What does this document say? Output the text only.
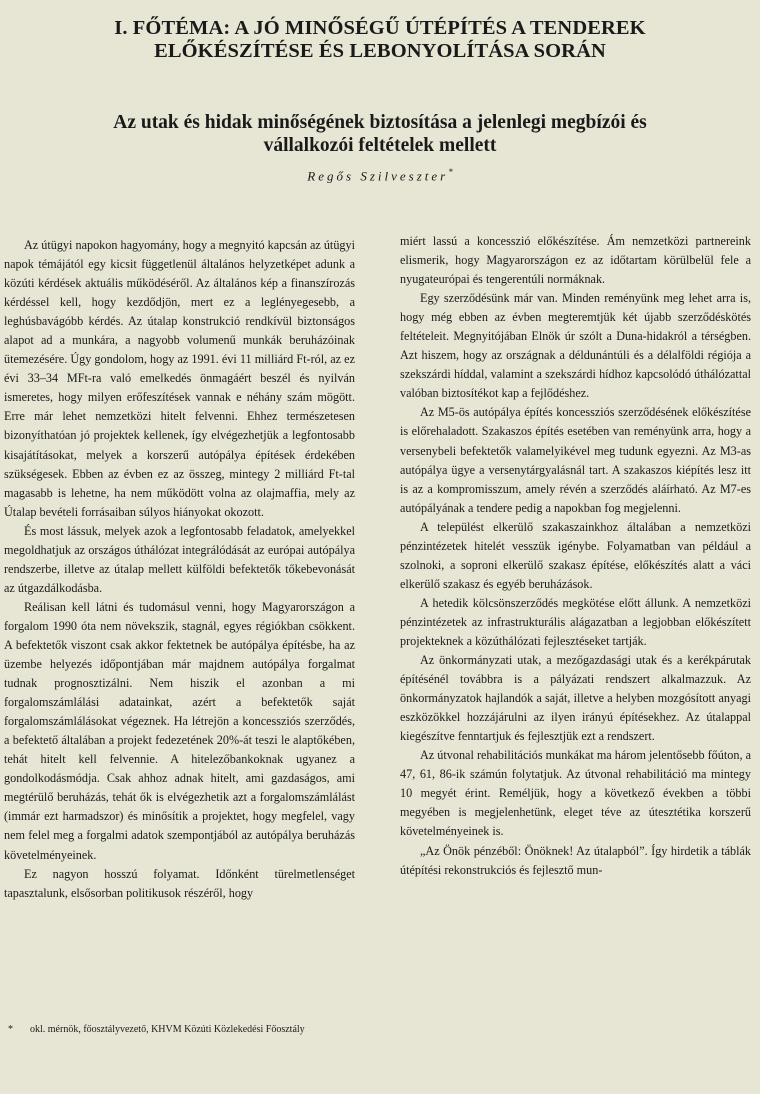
I. FŐTÉMA: A JÓ MINŐSÉGŰ ÚTÉPÍTÉS A TENDEREK
ELŐKÉSZÍTÉSE ÉS LEBONYOLÍTÁSA SORÁN
Az utak és hidak minőségének biztosítása a jelenlegi megbízói és
vállalkozói feltételek mellett
Regős Szilveszter*

Az útügyi napokon hagyomány, hogy a megnyitó kapcsán az útügyi napok témájától egy kicsit függetlenül általános helyzetképet adunk a közúti kérdések aktuális működéséről. Az általános kép a finanszírozás kérdéssel kell, hogy kezdődjön, mert ez a leglényegesebb, a leghúsbavágóbb kérdés. Az útalap konstrukció rendkívül biztonságos alapot ad a munkára, a nagyobb volumenű munkák beruházóinak ütemezésére. Úgy gondolom, hogy az 1991. évi 11 milliárd Ft-ról, az ez évi 33–34 MFt-ra való emelkedés önmagáért beszél és nyilván ismeretes, hogy milyen erőfeszítések vannak e néhány szám mögött. Erre már lehet nemzetközi hitelt felvenni. Ehhez természetesen bizonyíthatóan jó projektek kellenek, így elvégezhetjük a legfontosabb kisajátításokat, melyek a korszerű autópálya építések érdekében szükségesek. Ebben az évben ez az összeg, mintegy 2 milliárd Ft-tal magasabb is lehetne, ha nem működött volna az olajmaffia, mely az Útalap bevételi forrásaiban súlyos hiányokat okozott.

És most lássuk, melyek azok a legfontosabb feladatok, amelyekkel megoldhatjuk az országos úthálózat integrálódását az európai autópálya rendszerbe, illetve az útalap mellett külföldi befektetők tőkebevonását az útgazdálkodásba.

Reálisan kell látni és tudomásul venni, hogy Magyarországon a forgalom 1990 óta nem növekszik, stagnál, egyes régiókban csökkent. A befektetők viszont csak akkor fektetnek be autópálya építésbe, ha az üzembe helyezés időpontjában már majdnem autópálya forgalmat tudnak prognosztizálni. Nem hiszik el azonban a mi forgalomszámlálási adatainkat, azért a befektetők saját forgalomszámlálásokat végeznek. Ha létrejön a koncessziós szerződés, a befektető általában a projekt fedezetének 20%-át teszi le alaptőkében, tehát hitelt kell felvennie. A hitelezőbankoknak ugyanez a gondolkodásmódja. Csak ahhoz adnak hitelt, ami gazdaságos, ami megtérülő beruházás, tehát ők is elvégezhetik azt a forgalomszámlálást (immár ezt harmadszor) és minősítik a projektet, hogy megfelel, vagy nem felel meg a forgalmi adatok szempontjából az autópálya beruházás követelményeinek.

Ez nagyon hosszú folyamat. Időnként türelmetlenséget tapasztalunk, elsősorban politikusok részéről, hogy

miért lassú a koncesszió előkészítése. Ám nemzetközi partnereink elismerik, hogy Magyarországon ez az időtartam körülbelül fele a nyugateurópai és tengerentúli normáknak.

Egy szerződésünk már van. Minden reményünk meg lehet arra is, hogy még ebben az évben megteremtjük két újabb szerződéskötés feltételeit. Megnyitójában Elnök úr szólt a Duna-hidakról a térségben. Azt hiszem, hogy az országnak a déldunántúli és a délalföldi régiója a szekszárdi híddal, valamint a szekszárdi hídhoz kapcsolódó úthálózattal valóban biztosítékot kap a fejlődéshez.

Az M5-ös autópálya építés koncessziós szerződésének előkészítése is előrehaladott. Szakaszos építés esetében van reményünk arra, hogy a versenybeli befektetők valamelyikével meg tudunk egyezni. Az M3-as autópálya ügye a versenytárgyalásnál tart. A szakaszos kiépítés lesz itt is az a kompromisszum, amely révén a szerződés aláírható. Az M7-es autópályának a tendere pedig a napokban fog megjelenni.

A települést elkerülő szakaszainkhoz általában a nemzetközi pénzintézetek hitelét vesszük igénybe. Folyamatban van például a szolnoki, a soproni elkerülő szakasz építése, előkészítés alatt a váci elkerülő szakasz és egyéb beruházások.

A hetedik kölcsönszerződés megkötése előtt állunk. A nemzetközi pénzintézetek az infrastrukturális alágazatban a legjobban előkészített projekteknek a közúthálózati fejlesztéseket tartják.

Az önkormányzati utak, a mezőgazdasági utak és a kerékpárutak építésénél továbbra is a pályázati rendszert alkalmazzuk. Az önkormányzatok hajlandók a saját, illetve a helyben mozgósított anyagi eszközökkel hozzájárulni az ilyen irányú építésekhez. Az útalappal kiegészítve fenntartjuk és fejlesztjük ezt a rendszert.

Az útvonal rehabilitációs munkákat ma három jelentősebb főúton, a 47, 61, 86-ik számún folytatjuk. Az útvonal rehabilitáció ma mintegy 10 megyét érint. Reméljük, hogy a következő években a többi megyében is megjelenhetünk, eleget téve az útesztétika korszerű követelményeinek is.

„Az Önök pénzéből: Önöknek! Az útalapból”. Így hirdetik a táblák útépítési rekonstrukciós és fejlesztő mun-

* okl. mérnök, főosztályvezető, KHVM Közúti Közlekedési Főosztály
